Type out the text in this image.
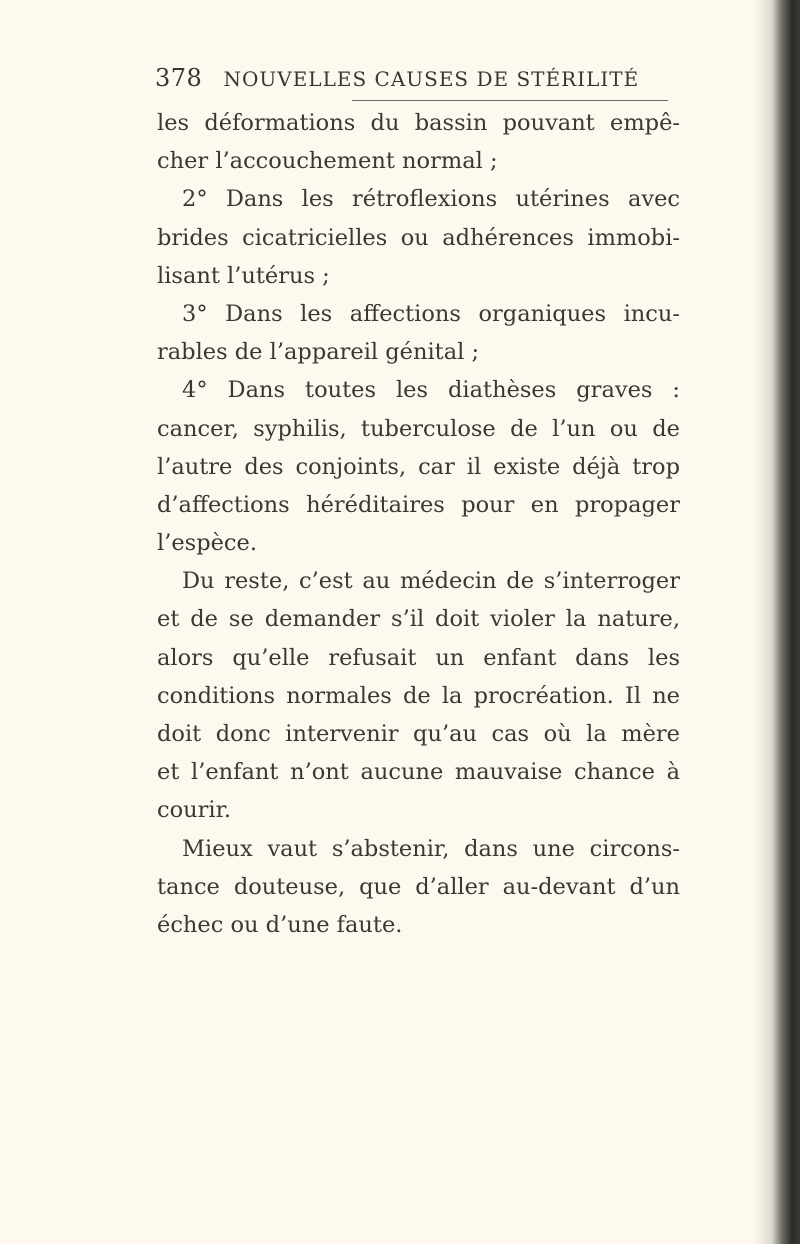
378 NOUVELLES CAUSES DE STÉRILITÉ
les déformations du bassin pouvant empê-
cher l’accouchement normal ;
2° Dans les rétroflexions utérines avec
brides cicatricielles ou adhérences immobi-
lisant l’utérus ;
3° Dans les affections organiques incu-
rables de l’appareil génital ;
4° Dans toutes les diathèses graves :
cancer, syphilis, tuberculose de l’un ou de
l’autre des conjoints, car il existe déjà trop
d’affections héréditaires pour en propager
l’espèce.
Du reste, c’est au médecin de s’interroger
et de se demander s’il doit violer la nature,
alors qu’elle refusait un enfant dans les
conditions normales de la procréation. Il ne
doit donc intervenir qu’au cas où la mère
et l’enfant n’ont aucune mauvaise chance à
courir.
Mieux vaut s’abstenir, dans une circons-
tance douteuse, que d’aller au-devant d’un
échec ou d’une faute.
